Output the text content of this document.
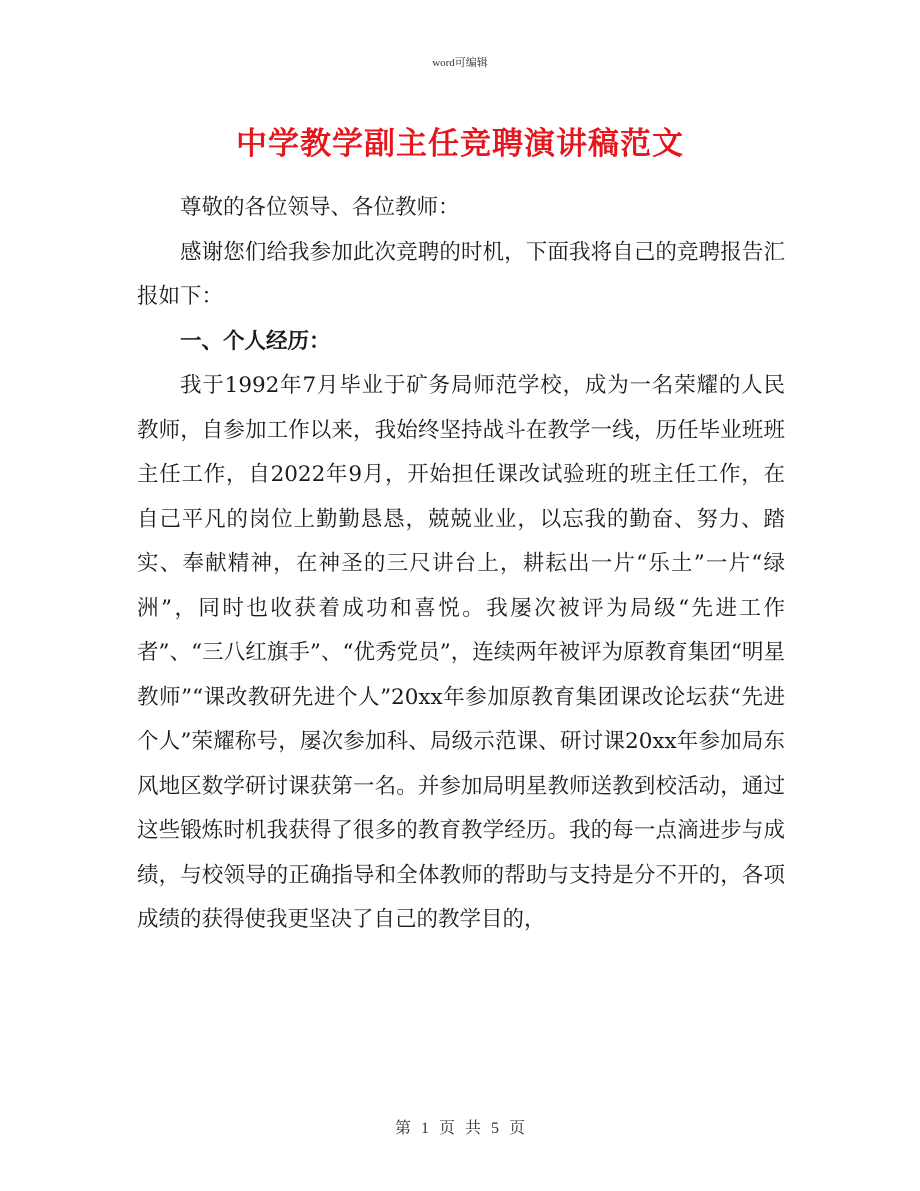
word可编辑
中学教学副主任竞聘演讲稿范文

尊敬的各位领导、各位教师：

感谢您们给我参加此次竞聘的时机，下面我将自己的竞聘报告汇报如下：

一、个人经历：

我于1992年7月毕业于矿务局师范学校，成为一名荣耀的人民教师，自参加工作以来，我始终坚持战斗在教学一线，历任毕业班班主任工作，自2022年9月，开始担任课改试验班的班主任工作，在自己平凡的岗位上勤勤恳恳，兢兢业业，以忘我的勤奋、努力、踏实、奉献精神，在神圣的三尺讲台上，耕耘出一片“乐土”一片“绿洲”，同时也收获着成功和喜悦。我屡次被评为局级“先进工作者”、“三八红旗手”、“优秀党员”，连续两年被评为原教育集团“明星教师”“课改教研先进个人”20xx年参加原教育集团课改论坛获“先进个人”荣耀称号，屡次参加科、局级示范课、研讨课20xx年参加局东风地区数学研讨课获第一名。并参加局明星教师送教到校活动，通过这些锻炼时机我获得了很多的教育教学经历。我的每一点滴进步与成绩，与校领导的正确指导和全体教师的帮助与支持是分不开的，各项成绩的获得使我更坚决了自己的教学目的，

第 1 页 共 5 页
